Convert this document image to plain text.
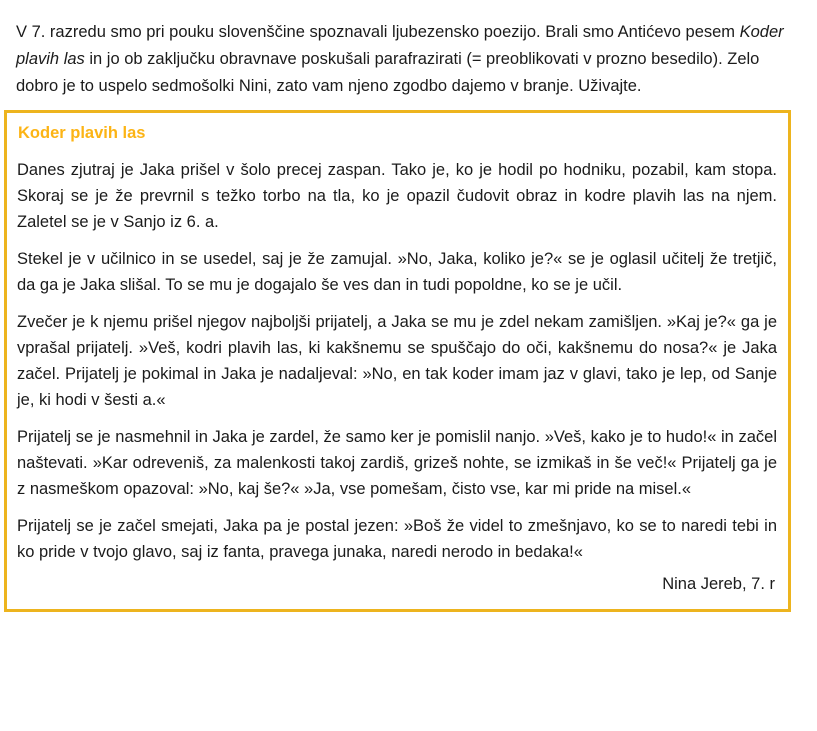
V 7. razredu smo pri pouku slovenščine spoznavali ljubezensko poezijo. Brali smo Antićevo pesem Koder plavih las in jo ob zaključku obravnave poskušali parafrazirati (= preoblikovati v prozno besedilo). Zelo dobro je to uspelo sedmošolki Nini, zato vam njeno zgodbo dajemo v branje. Uživajte.

Koder plavih las

Danes zjutraj je Jaka prišel v šolo precej zaspan. Tako je, ko je hodil po hodniku, pozabil, kam stopa. Skoraj se je že prevrnil s težko torbo na tla, ko je opazil čudovit obraz in kodre plavih las na njem. Zaletel se je v Sanjo iz 6. a.

Stekel je v učilnico in se usedel, saj je že zamujal. »No, Jaka, koliko je?« se je oglasil učitelj že tretjič, da ga je Jaka slišal. To se mu je dogajalo še ves dan in tudi popoldne, ko se je učil.

Zvečer je k njemu prišel njegov najboljši prijatelj, a Jaka se mu je zdel nekam zamišljen. »Kaj je?« ga je vprašal prijatelj. »Veš, kodri plavih las, ki kakšnemu se spuščajo do oči, kakšnemu do nosa?« je Jaka začel. Prijatelj je pokimal in Jaka je nadaljeval: »No, en tak koder imam jaz v glavi, tako je lep, od Sanje je, ki hodi v šesti a.«

Prijatelj se je nasmehnil in Jaka je zardel, že samo ker je pomislil nanjo. »Veš, kako je to hudo!« in začel naštevati. »Kar odreveniš, za malenkosti takoj zardiš, grizeš nohte, se izmikaš in še več!« Prijatelj ga je z nasmeškom opazoval: »No, kaj še?« »Ja, vse pomešam, čisto vse, kar mi pride na misel.«

Prijatelj se je začel smejati, Jaka pa je postal jezen: »Boš že videl to zmešnjavo, ko se to naredi tebi in ko pride v tvojo glavo, saj iz fanta, pravega junaka, naredi nerodo in bedaka!«

Nina Jereb, 7. r
